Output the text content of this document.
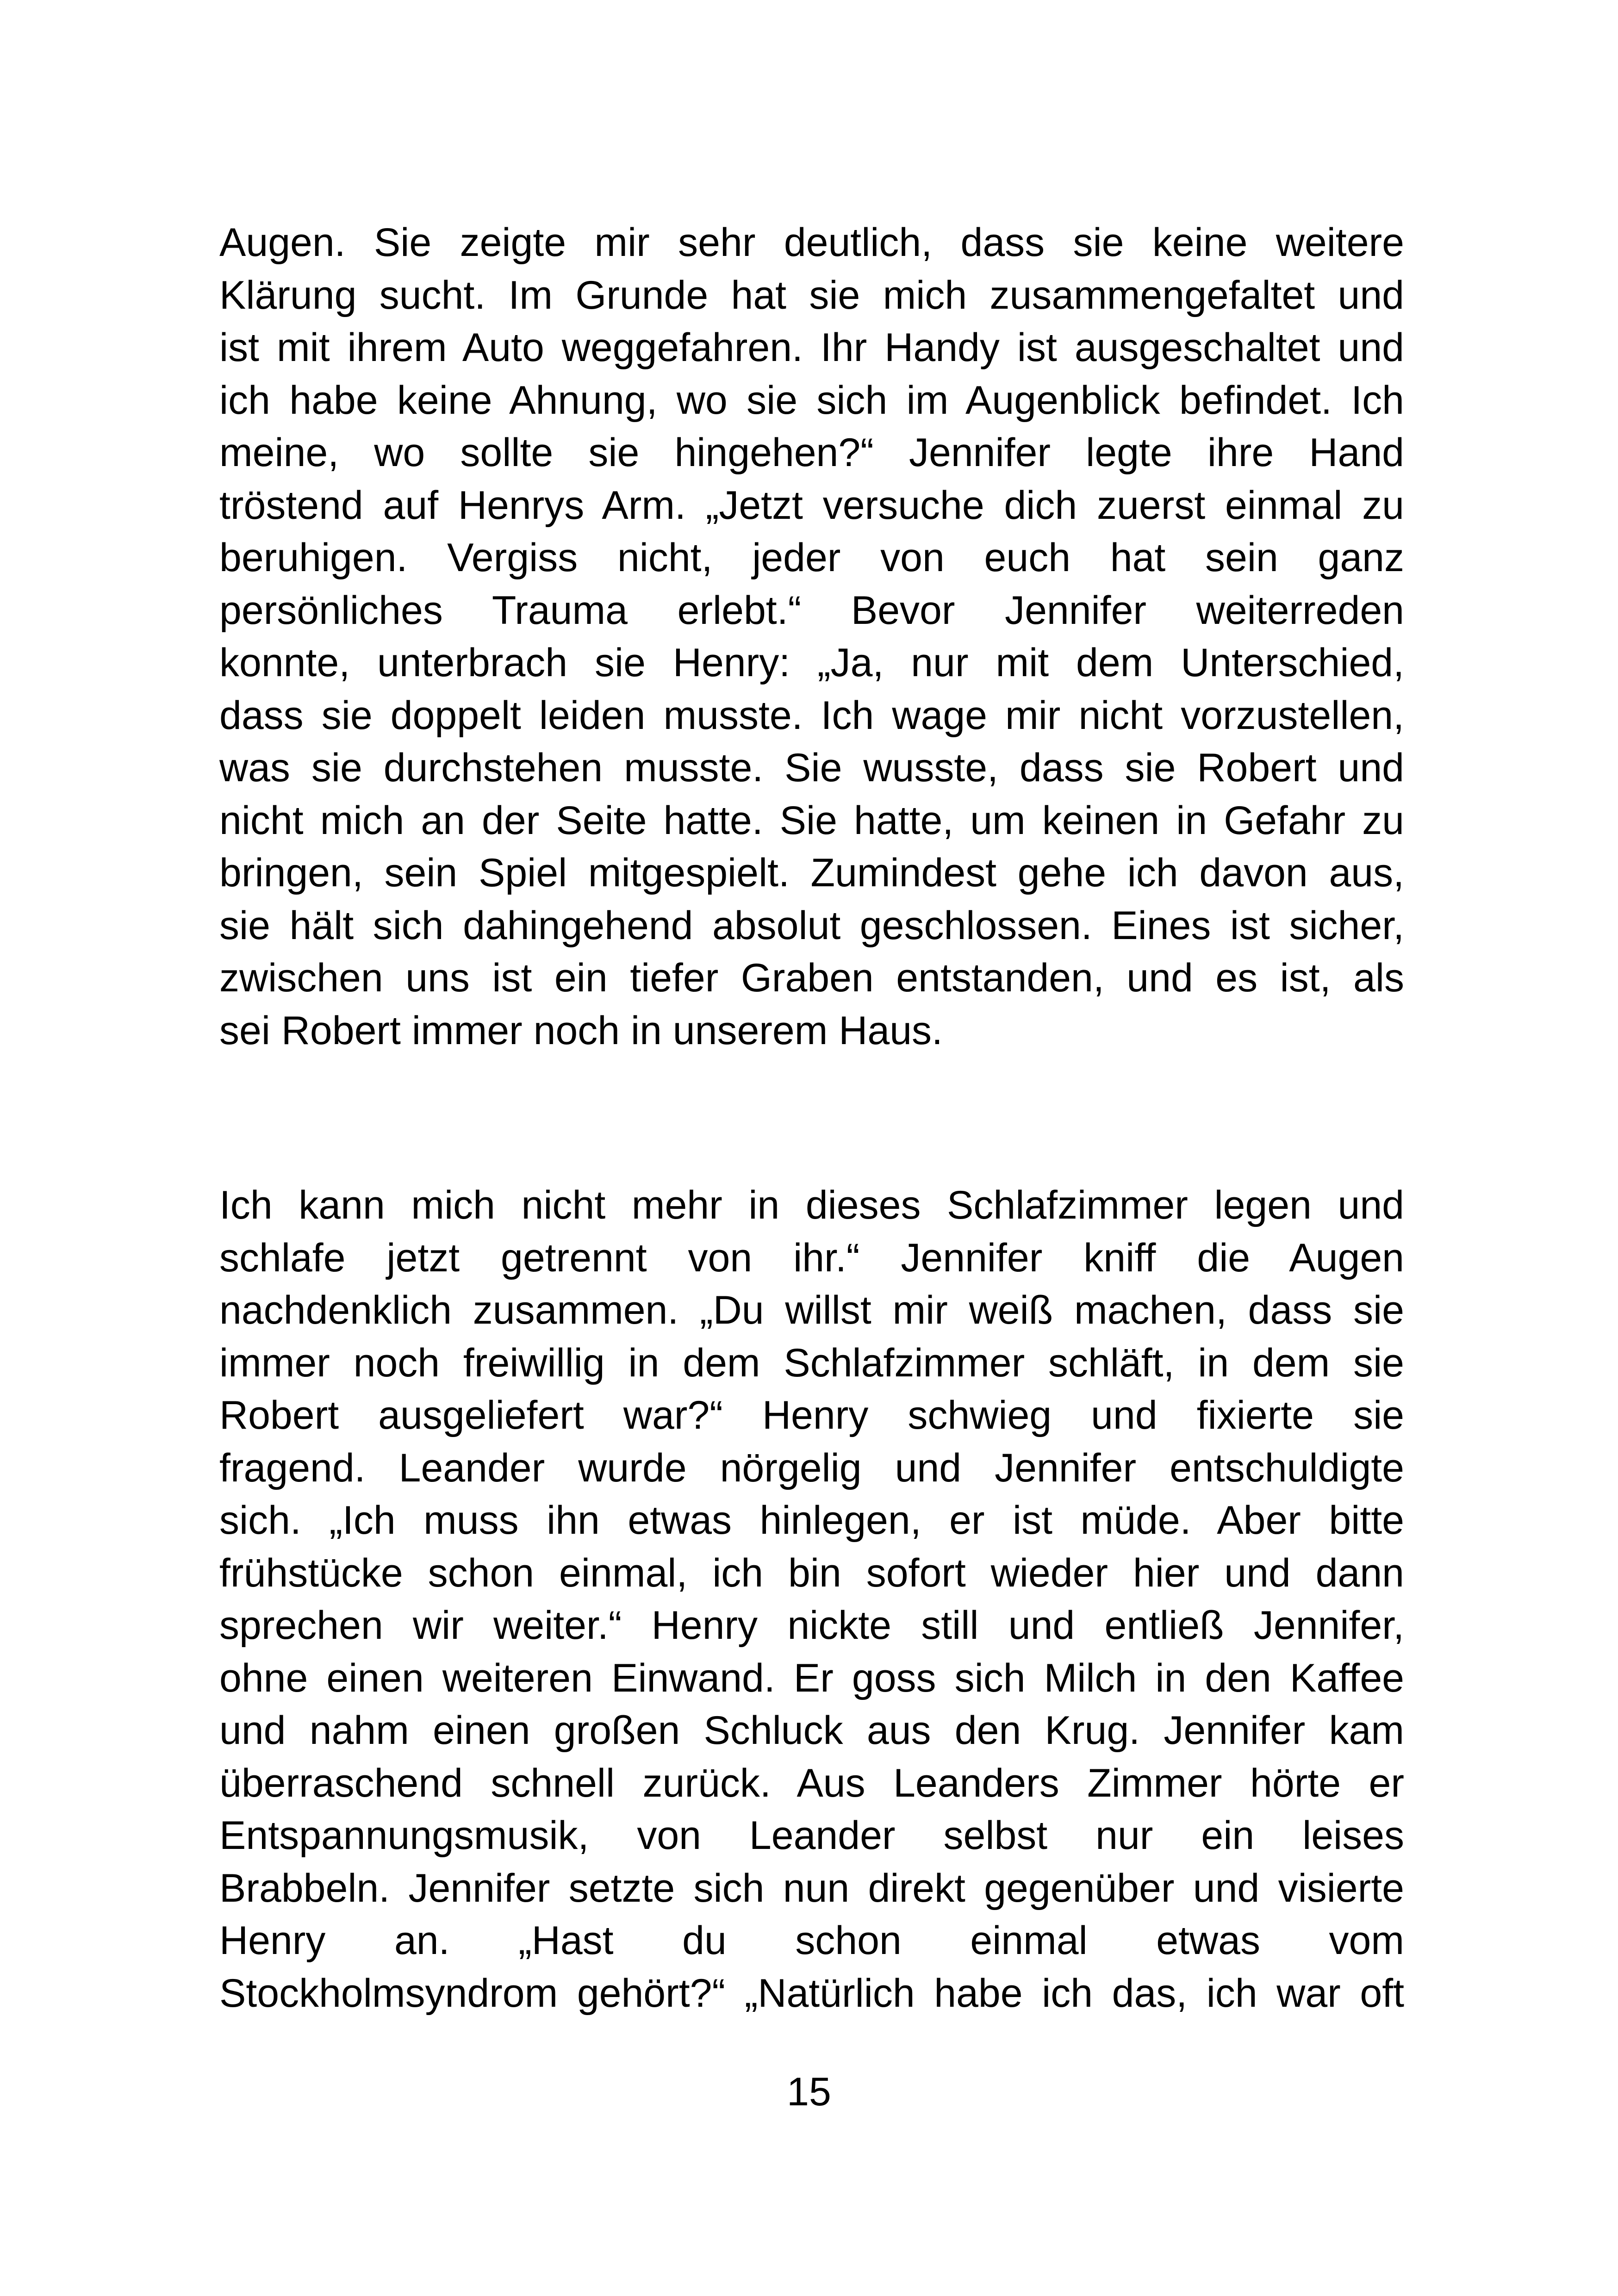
Augen. Sie zeigte mir sehr deutlich, dass sie keine weitere
Klärung sucht. Im Grunde hat sie mich zusammengefaltet und
ist mit ihrem Auto weggefahren. Ihr Handy ist ausgeschaltet und
ich habe keine Ahnung, wo sie sich im Augenblick befindet. Ich
meine, wo sollte sie hingehen?“ Jennifer legte ihre Hand
tröstend auf Henrys Arm. „Jetzt versuche dich zuerst einmal zu
beruhigen. Vergiss nicht, jeder von euch hat sein ganz
persönliches Trauma erlebt.“ Bevor Jennifer weiterreden
konnte, unterbrach sie Henry: „Ja, nur mit dem Unterschied,
dass sie doppelt leiden musste. Ich wage mir nicht vorzustellen,
was sie durchstehen musste. Sie wusste, dass sie Robert und
nicht mich an der Seite hatte. Sie hatte, um keinen in Gefahr zu
bringen, sein Spiel mitgespielt. Zumindest gehe ich davon aus,
sie hält sich dahingehend absolut geschlossen. Eines ist sicher,
zwischen uns ist ein tiefer Graben entstanden, und es ist, als
sei Robert immer noch in unserem Haus.
Ich kann mich nicht mehr in dieses Schlafzimmer legen und
schlafe jetzt getrennt von ihr.“ Jennifer kniff die Augen
nachdenklich zusammen. „Du willst mir weiß machen, dass sie
immer noch freiwillig in dem Schlafzimmer schläft, in dem sie
Robert ausgeliefert war?“ Henry schwieg und fixierte sie
fragend. Leander wurde nörgelig und Jennifer entschuldigte
sich. „Ich muss ihn etwas hinlegen, er ist müde. Aber bitte
frühstücke schon einmal, ich bin sofort wieder hier und dann
sprechen wir weiter.“ Henry nickte still und entließ Jennifer,
ohne einen weiteren Einwand. Er goss sich Milch in den Kaffee
und nahm einen großen Schluck aus den Krug. Jennifer kam
überraschend schnell zurück. Aus Leanders Zimmer hörte er
Entspannungsmusik, von Leander selbst nur ein leises
Brabbeln. Jennifer setzte sich nun direkt gegenüber und visierte
Henry an. „Hast du schon einmal etwas vom
Stockholmsyndrom gehört?“ „Natürlich habe ich das, ich war oft
15
